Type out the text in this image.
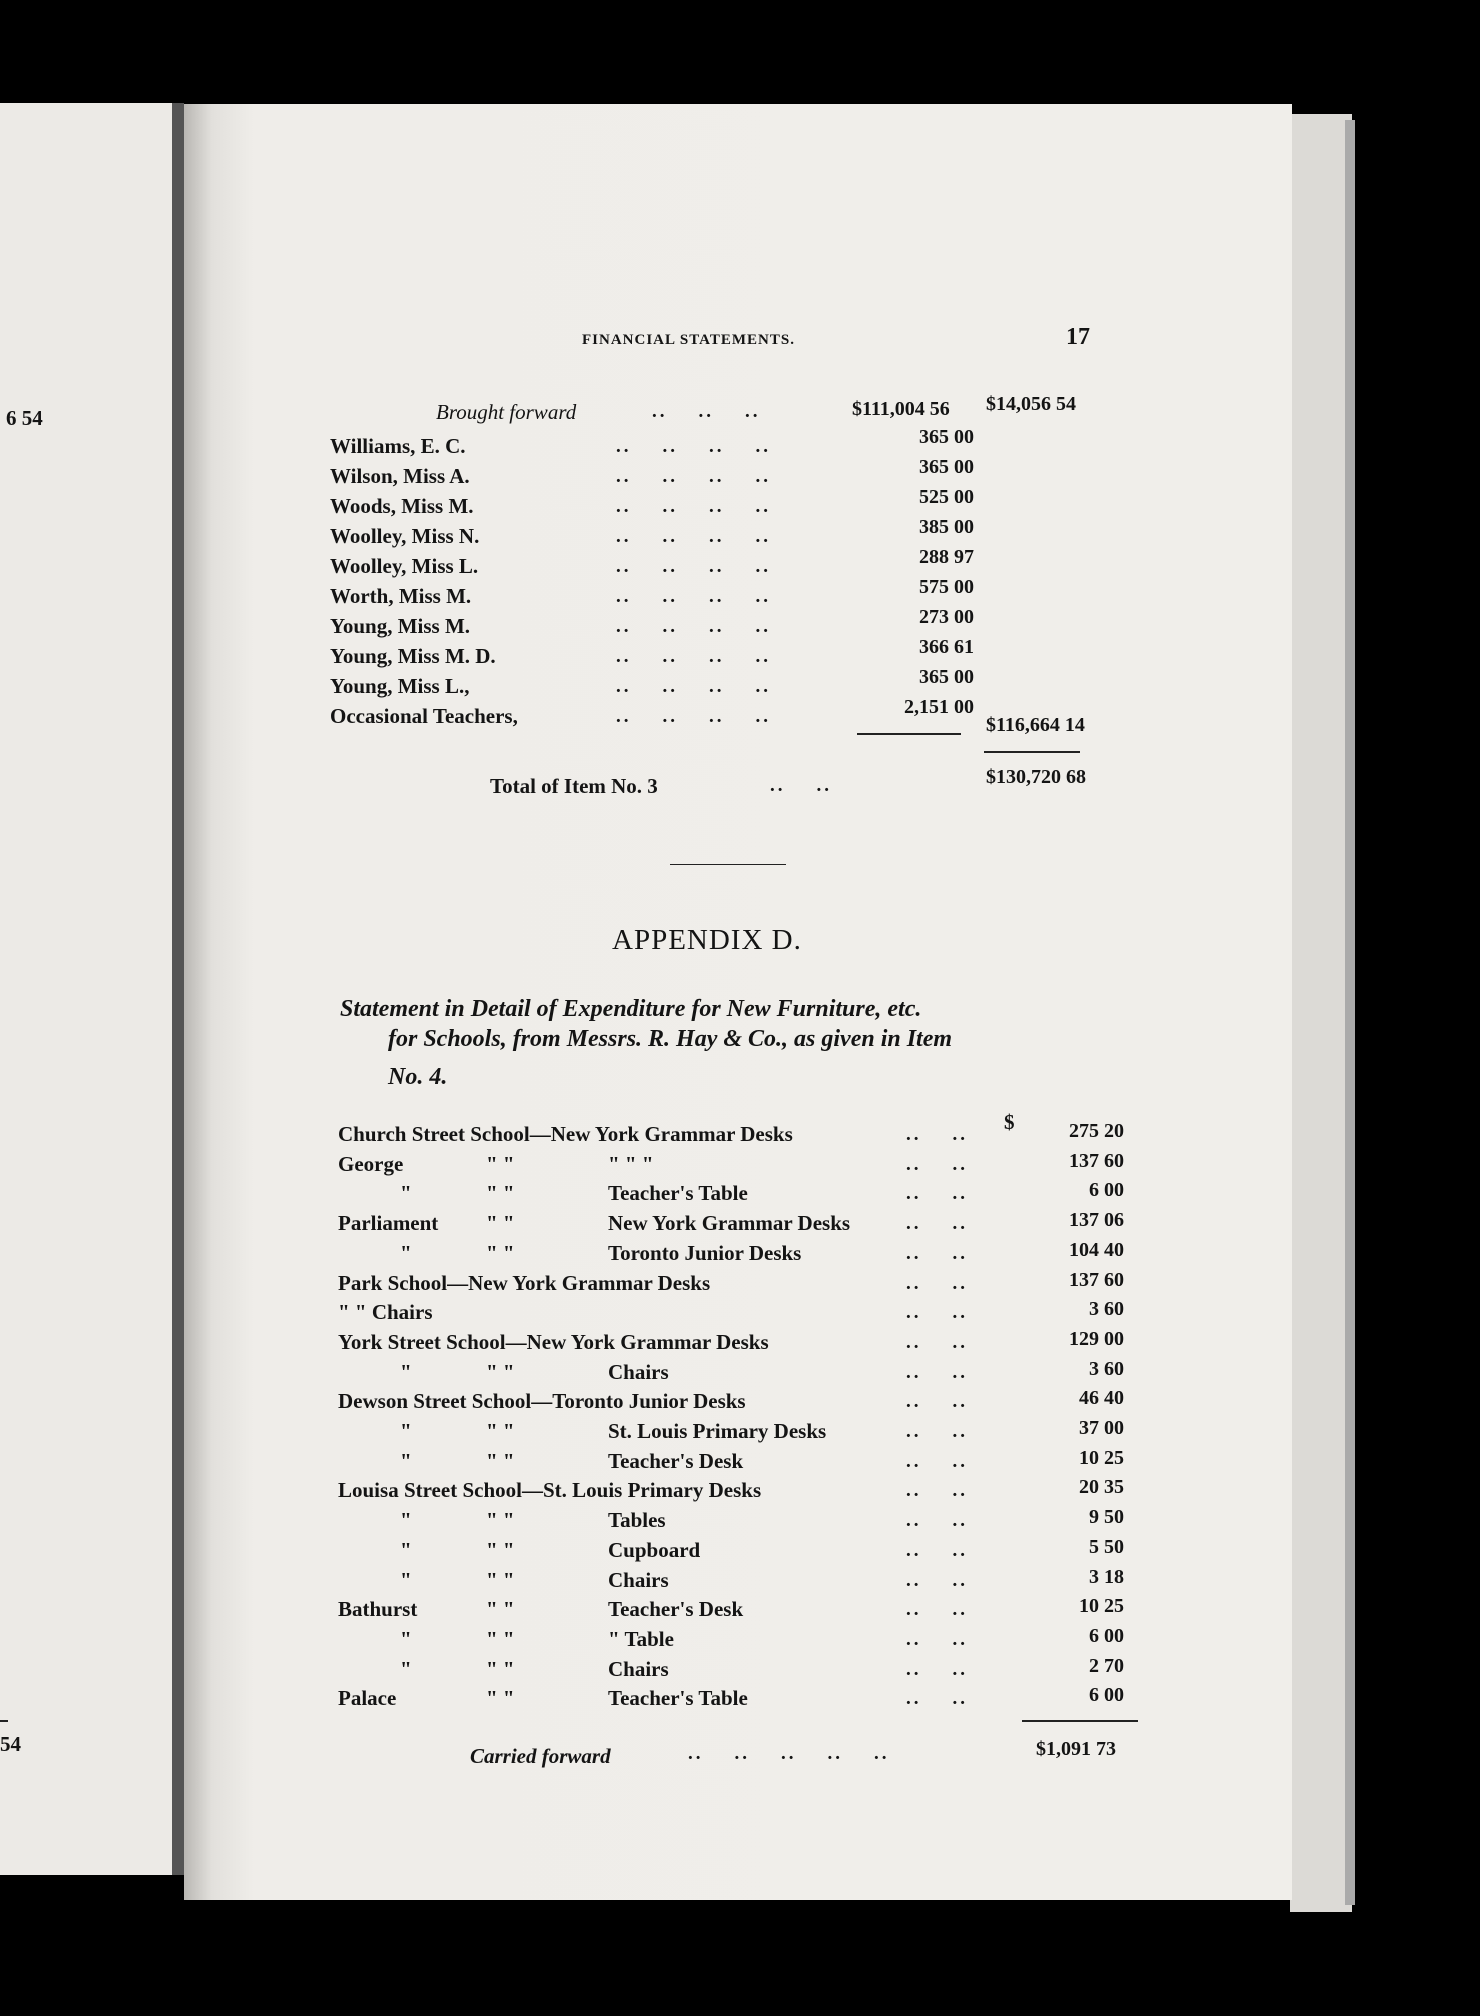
6 54
54
FINANCIAL STATEMENTS.	17
Brought forward	..    ..    ..	$111,004 56 $14,056 54
Williams, E. C.	..    ..    ..    ..	365 00
Wilson, Miss A.	..    ..    ..    ..	365 00
Woods, Miss M.	..    ..    ..    ..	525 00
Woolley, Miss N.	..    ..    ..    ..	385 00
Woolley, Miss L.	..    ..    ..    ..	288 97
Worth, Miss M.	..    ..    ..    ..	575 00
Young, Miss M.	..    ..    ..    ..	273 00
Young, Miss M. D.	..    ..    ..    ..	366 61
Young, Miss L.,	..    ..    ..    ..	365 00
Occasional Teachers,	..    ..    ..    ..	2,151 00
$116,664 14
Total of Item No. 3	..    ..	$130,720 68
APPENDIX D.
Statement in Detail of Expenditure for New Furniture, etc.
for Schools, from Messrs. R. Hay & Co., as given in Item
No. 4.
$
Church Street School—New York Grammar Desks	..    ..	275 20
George	" "	" " "	..    ..	137 60
"	" "	Teacher's Table	..    ..	6 00
Parliament " "	New York Grammar Desks	..    ..	137 06
"	" "	Toronto Junior Desks	..    ..	104 40
Park School—New York Grammar Desks	..    ..	137 60
" " Chairs	..    ..	3 60
York Street School—New York Grammar Desks	..    ..	129 00
"	" "	Chairs	..    ..	3 60
Dewson Street School—Toronto Junior Desks	..    ..	46 40
"	" "	St. Louis Primary Desks	..    ..	37 00
"	" "	Teacher's Desk	..    ..	10 25
Louisa Street School—St. Louis Primary Desks	..    ..	20 35
"	" "	Tables	..    ..	9 50
"	" "	Cupboard	..    ..	5 50
"	" "	Chairs	..    ..	3 18
Bathurst	" "	Teacher's Desk	..    ..	10 25
"	" "	" Table	..    ..	6 00
"	" "	Chairs	..    ..	2 70
Palace	" "	Teacher's Table	..    ..	6 00
Carried forward	..    ..    ..    ..    ..	$1,091 73
